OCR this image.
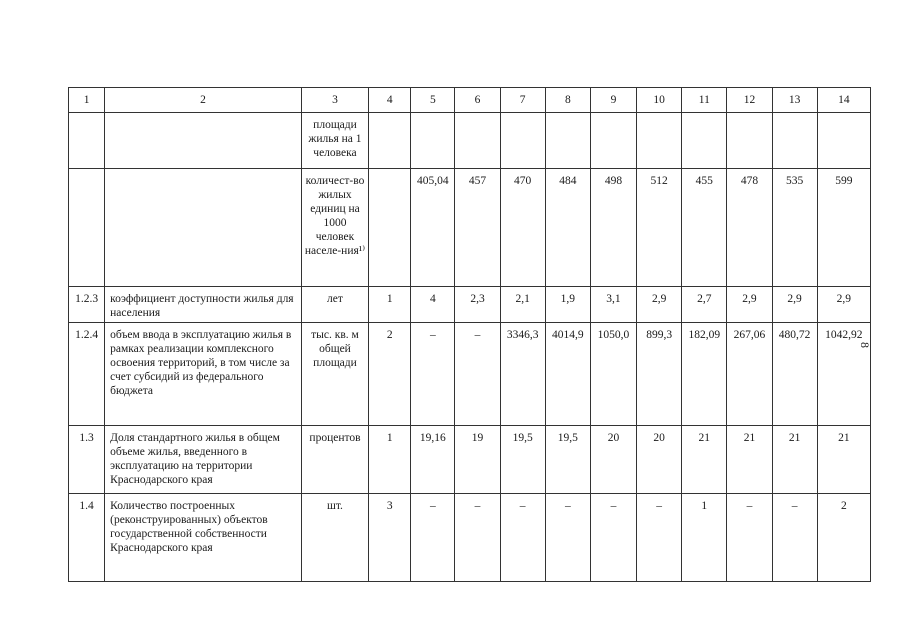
1	2	3	4	5	6	7	8	9	10	11	12	13	14
		площади жилья на 1 человека											
		количест-во жилых единиц на 1000 человек населе-ния¹⁾		405,04	457	470	484	498	512	455	478	535	599
1.2.3	коэффициент доступности жилья для населения	лет	1	4	2,3	2,1	1,9	3,1	2,9	2,7	2,9	2,9	2,9
1.2.4	объем ввода в эксплуатацию жилья в рамках реализации комплексного освоения территорий, в том числе за счет субсидий из федерального бюджета	тыс. кв. м общей площади	2	–	–	3346,3	4014,9	1050,0	899,3	182,09	267,06	480,72	1042,92
1.3	Доля стандартного жилья в общем объеме жилья, введенного в эксплуатацию на территории Краснодарского края	процентов	1	19,16	19	19,5	19,5	20	20	21	21	21	21
1.4	Количество построенных (реконструированных) объектов государственной собственности Краснодарского края	шт.	3	–	–	–	–	–	–	1	–	–	2
8
